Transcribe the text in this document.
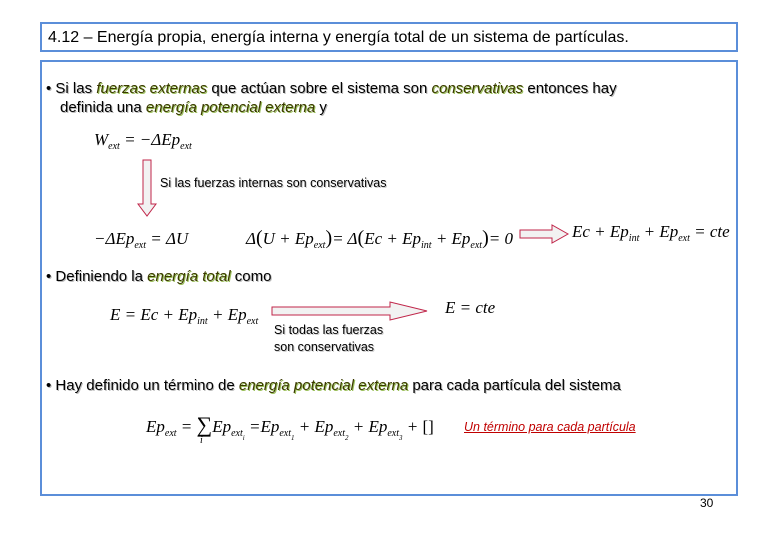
4.12 – Energía propia, energía interna y energía total de un sistema de partículas.
• Si las fuerzas externas que actúan sobre el sistema son conservativas entonces hay
definida una energía potencial externa y
$W_{ext} = -\Delta Ep_{ext}$
Si las fuerzas internas son conservativas
−ΔEp$_{ext}$ = ΔU	$\Delta(U + Ep_{ext})= \Delta(Ec + Ep_{int} + Ep_{ext})= 0$	$Ec + Ep_{int} + Ep_{ext}$ = cte
• Definiendo la energía total como
$E = Ec + Ep_{int} + Ep_{ext}$
E = cte
Si todas las fuerzas
son conservativas
• Hay definido un término de energía potencial externa para cada partícula del sistema
$Ep_{ext} = \sum Ep_{ext_i} =Ep_{ext_1} + Ep_{ext_2} + Ep_{ext_3}$ + []
i
Un término para cada partícula
30
